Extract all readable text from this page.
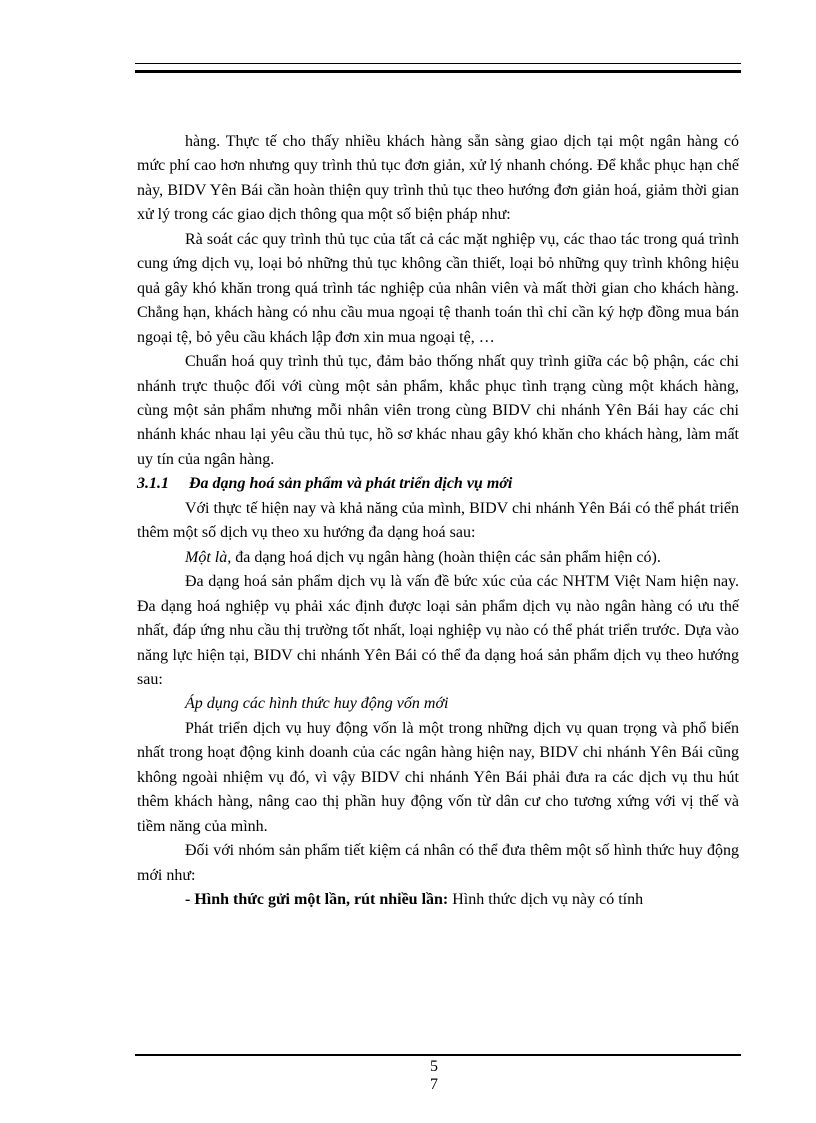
hàng. Thực tế cho thấy nhiều khách hàng sẵn sàng giao dịch tại một ngân hàng có mức phí cao hơn nhưng quy trình thủ tục đơn giản, xử lý nhanh chóng. Để khắc phục hạn chế này, BIDV Yên Bái cần hoàn thiện quy trình thủ tục theo hướng đơn giản hoá, giảm thời gian xử lý trong các giao dịch thông qua một số biện pháp như:

Rà soát các quy trình thủ tục của tất cả các mặt nghiệp vụ, các thao tác trong quá trình cung ứng dịch vụ, loại bỏ những thủ tục không cần thiết, loại bỏ những quy trình không hiệu quả gây khó khăn trong quá trình tác nghiệp của nhân viên và mất thời gian cho khách hàng. Chẳng hạn, khách hàng có nhu cầu mua ngoại tệ thanh toán thì chỉ cần ký hợp đồng mua bán ngoại tệ, bỏ yêu cầu khách lập đơn xin mua ngoại tệ, …

Chuẩn hoá quy trình thủ tục, đảm bảo thống nhất quy trình giữa các bộ phận, các chi nhánh trực thuộc đối với cùng một sản phẩm, khắc phục tình trạng cùng một khách hàng, cùng một sản phẩm nhưng mỗi nhân viên trong cùng BIDV chi nhánh Yên Bái hay các chi nhánh khác nhau lại yêu cầu thủ tục, hồ sơ khác nhau gây khó khăn cho khách hàng, làm mất uy tín của ngân hàng.

3.1.1	Đa dạng hoá sản phẩm và phát triển dịch vụ mới

Với thực tế hiện nay và khả năng của mình, BIDV chi nhánh Yên Bái có thể phát triển thêm một số dịch vụ theo xu hướng đa dạng hoá sau:

Một là, đa dạng hoá dịch vụ ngân hàng (hoàn thiện các sản phẩm hiện có).

Đa dạng hoá sản phẩm dịch vụ là vấn đề bức xúc của các NHTM Việt Nam hiện nay. Đa dạng hoá nghiệp vụ phải xác định được loại sản phẩm dịch vụ nào ngân hàng có ưu thế nhất, đáp ứng nhu cầu thị trường tốt nhất, loại nghiệp vụ nào có thể phát triển trước. Dựa vào năng lực hiện tại, BIDV chi nhánh Yên Bái có thể đa dạng hoá sản phẩm dịch vụ theo hướng sau:

Áp dụng các hình thức huy động vốn mới

Phát triển dịch vụ huy động vốn là một trong những dịch vụ quan trọng và phổ biến nhất trong hoạt động kinh doanh của các ngân hàng hiện nay, BIDV chi nhánh Yên Bái cũng không ngoài nhiệm vụ đó, vì vậy BIDV chi nhánh Yên Bái phải đưa ra các dịch vụ thu hút thêm khách hàng, nâng cao thị phần huy động vốn từ dân cư cho tương xứng với vị thế và tiềm năng của mình.

Đối với nhóm sản phẩm tiết kiệm cá nhân có thể đưa thêm một số hình thức huy động mới như:

- Hình thức gửi một lần, rút nhiều lần: Hình thức dịch vụ này có tính

5
7
